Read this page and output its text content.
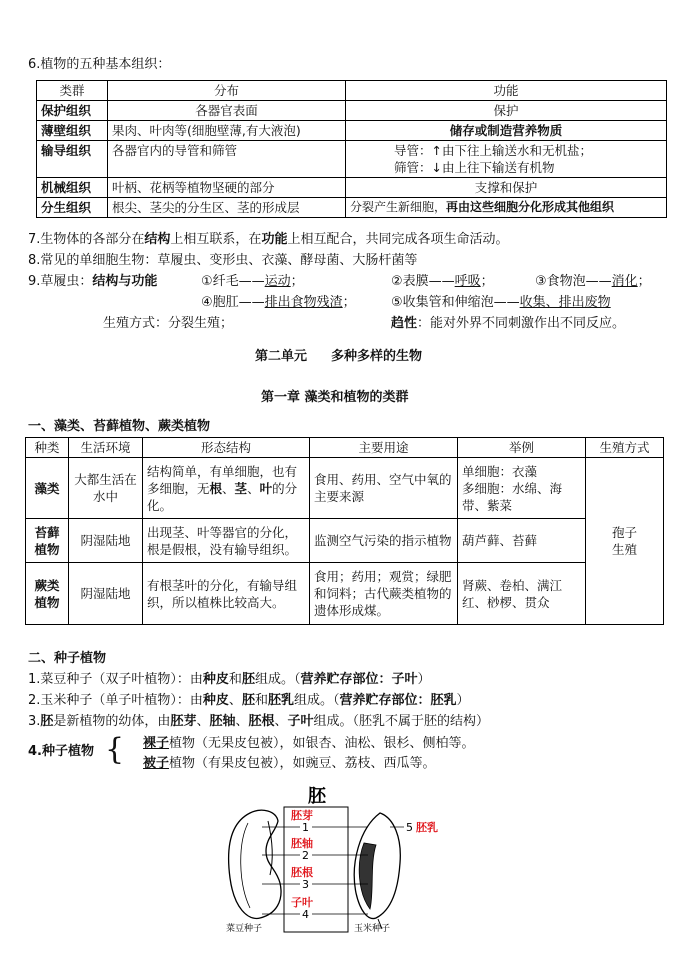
6.植物的五种基本组织：
类群	分布	功能
保护组织	各器官表面	保护
薄壁组织	果肉、叶肉等(细胞壁薄,有大液泡)	储存或制造营养物质
输导组织	各器官内的导管和筛管	导管：↑由下往上输送水和无机盐；
筛管：↓由上往下输送有机物

机械组织	叶柄、花柄等植物坚硬的部分	支撑和保护
分生组织	根尖、茎尖的分生区、茎的形成层	分裂产生新细胞，再由这些细胞分化形成其他组织
7.生物体的各部分在结构上相互联系，在功能上相互配合，共同完成各项生命活动。
8.常见的单细胞生物：草履虫、变形虫、衣藻、酵母菌、大肠杆菌等
9.草履虫：结构与功能	①纤毛——运动；	②表膜——呼吸；	③食物泡——消化；
④胞肛——排出食物残渣；	⑤收集管和伸缩泡——收集、排出废物
生殖方式：分裂生殖；	趋性：能对外界不同刺激作出不同反应。
第二单元 多种多样的生物
第一章 藻类和植物的类群
一、藻类、苔藓植物、蕨类植物
种类	生活环境	形态结构	主要用途	举例	生殖方式
藻类	大都生活在水中	结构简单，有单细胞，也有多细胞，无根、茎、叶的分化。	食用、药用、空气中氧的主要来源	单细胞：衣藻
多细胞：水绵、海带、紫菜	孢子生殖

苔藓植物	阴湿陆地	出现茎、叶等器官的分化，根是假根，没有输导组织。	监测空气污染的指示植物	葫芦藓、苔藓	
蕨类植物	阴湿陆地	有根茎叶的分化，有输导组织，所以植株比较高大。	食用；药用；观赏；绿肥和饲料；古代蕨类植物的遗体形成煤。	肾蕨、卷柏、满江红、桫椤、贯众	
二、种子植物
1.菜豆种子（双子叶植物）：由种皮和胚组成。（营养贮存部位：子叶）
2.玉米种子（单子叶植物）：由种皮、胚和胚乳组成。（营养贮存部位：胚乳）
3.胚是新植物的幼体，由胚芽、胚轴、胚根、子叶组成。（胚乳不属于胚的结构）
4.种子植物 { 裸子植物（无果皮包被），如银杏、油松、银杉、侧柏等。
被子植物（有果皮包被），如豌豆、荔枝、西瓜等。
胚
胚芽
1
胚轴
2
胚根
3
子叶
4
5 胚乳
菜豆种子	玉米种子
